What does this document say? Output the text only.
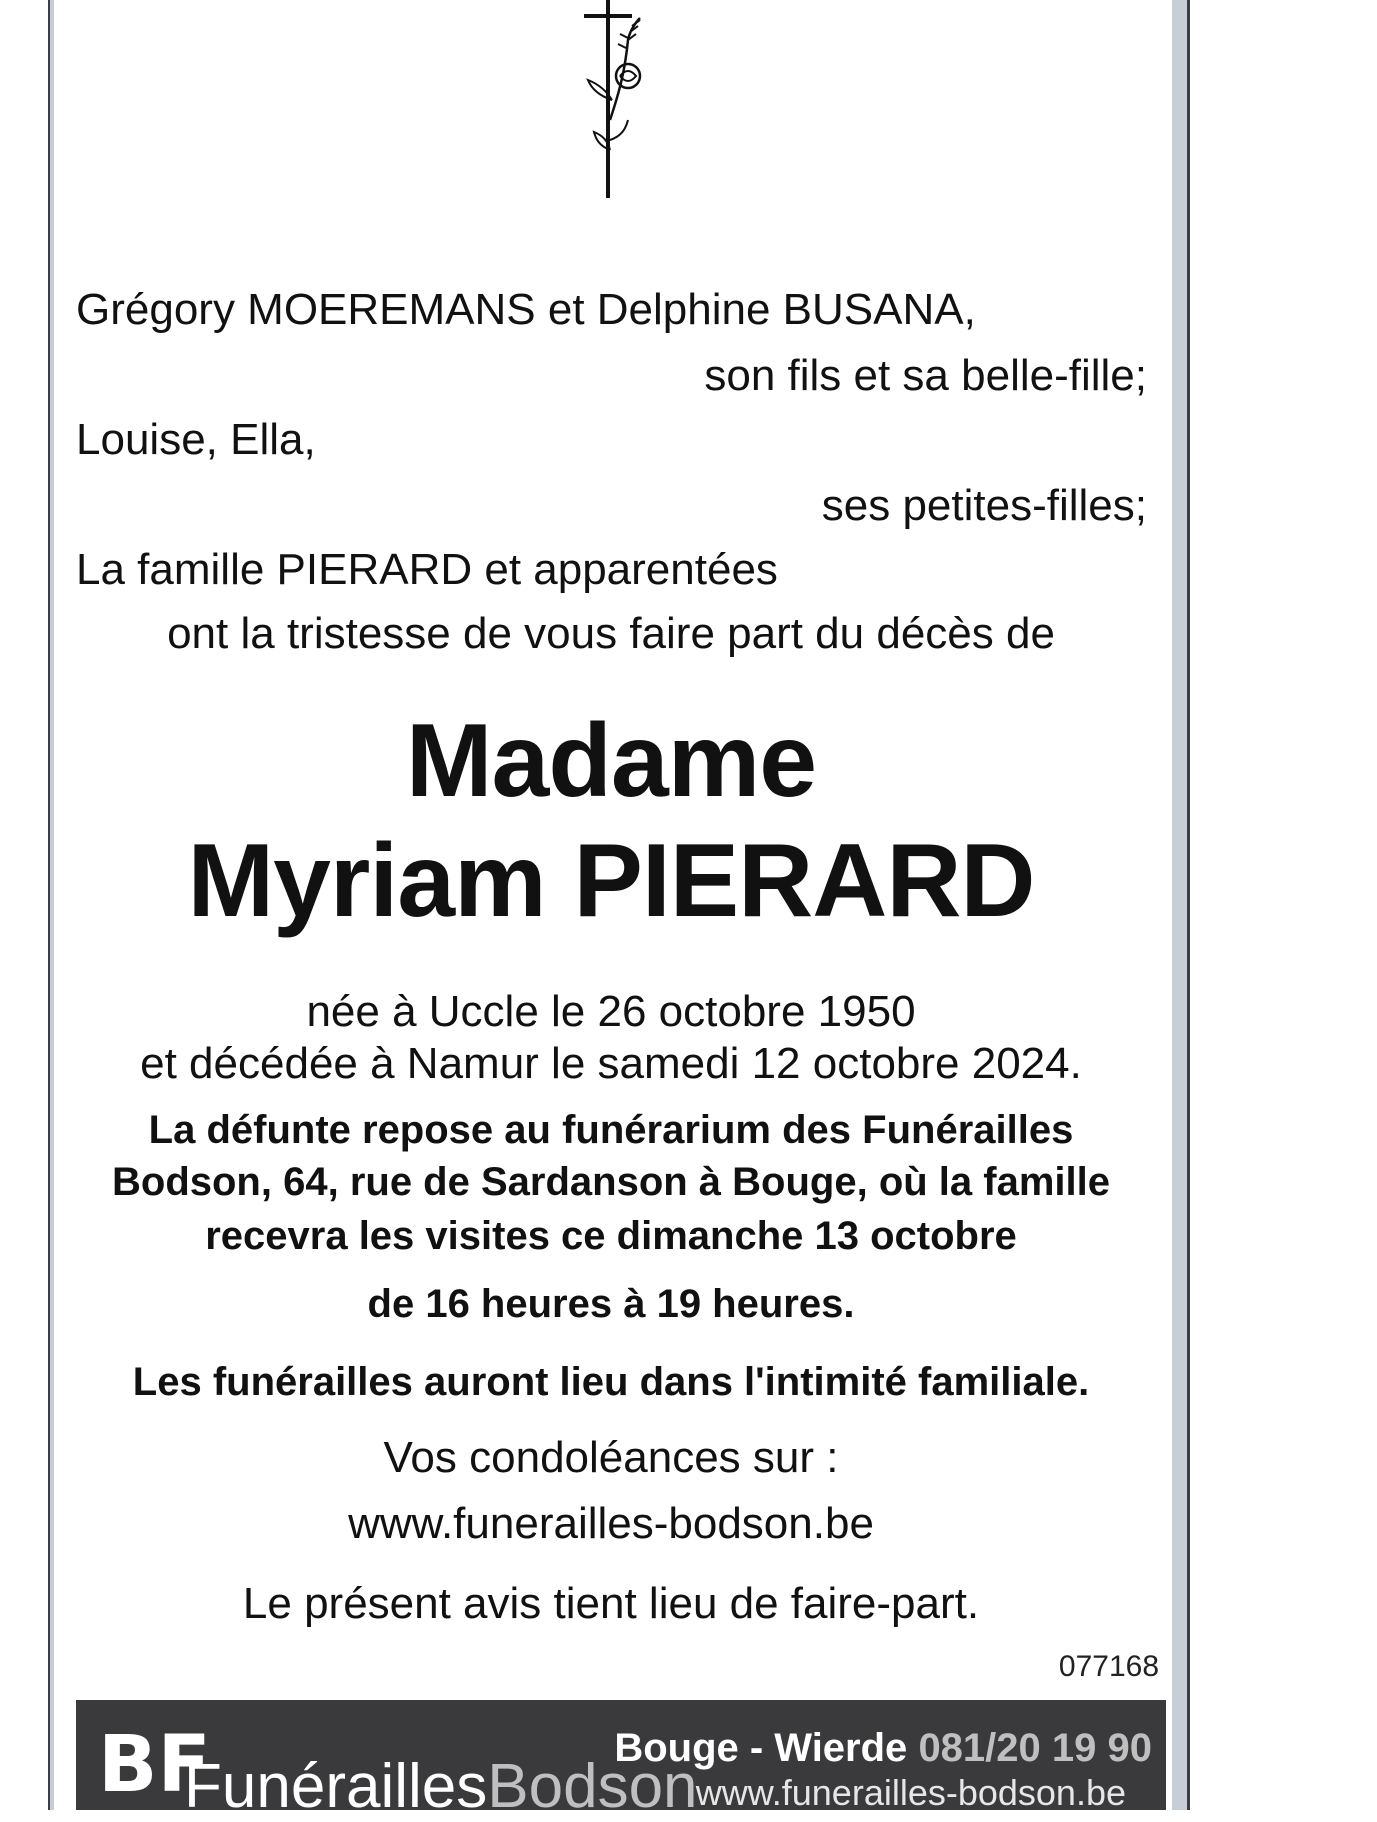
Grégory MOEREMANS et Delphine BUSANA,
son fils et sa belle-fille;
Louise, Ella,
ses petites-filles;
La famille PIERARD et apparentées
ont la tristesse de vous faire part du décès de
Madame
Myriam PIERARD
née à Uccle le 26 octobre 1950
et décédée à Namur le samedi 12 octobre 2024.
La défunte repose au funérarium des Funérailles
Bodson, 64, rue de Sardanson à Bouge, où la famille
recevra les visites ce dimanche 13 octobre
de 16 heures à 19 heures.
Les funérailles auront lieu dans l'intimité familiale.
Vos condoléances sur :
www.funerailles-bodson.be
Le présent avis tient lieu de faire-part.
077168
BF
FunéraillesBodson
Bouge - Wierde 081/20 19 90
www.funerailles-bodson.be
